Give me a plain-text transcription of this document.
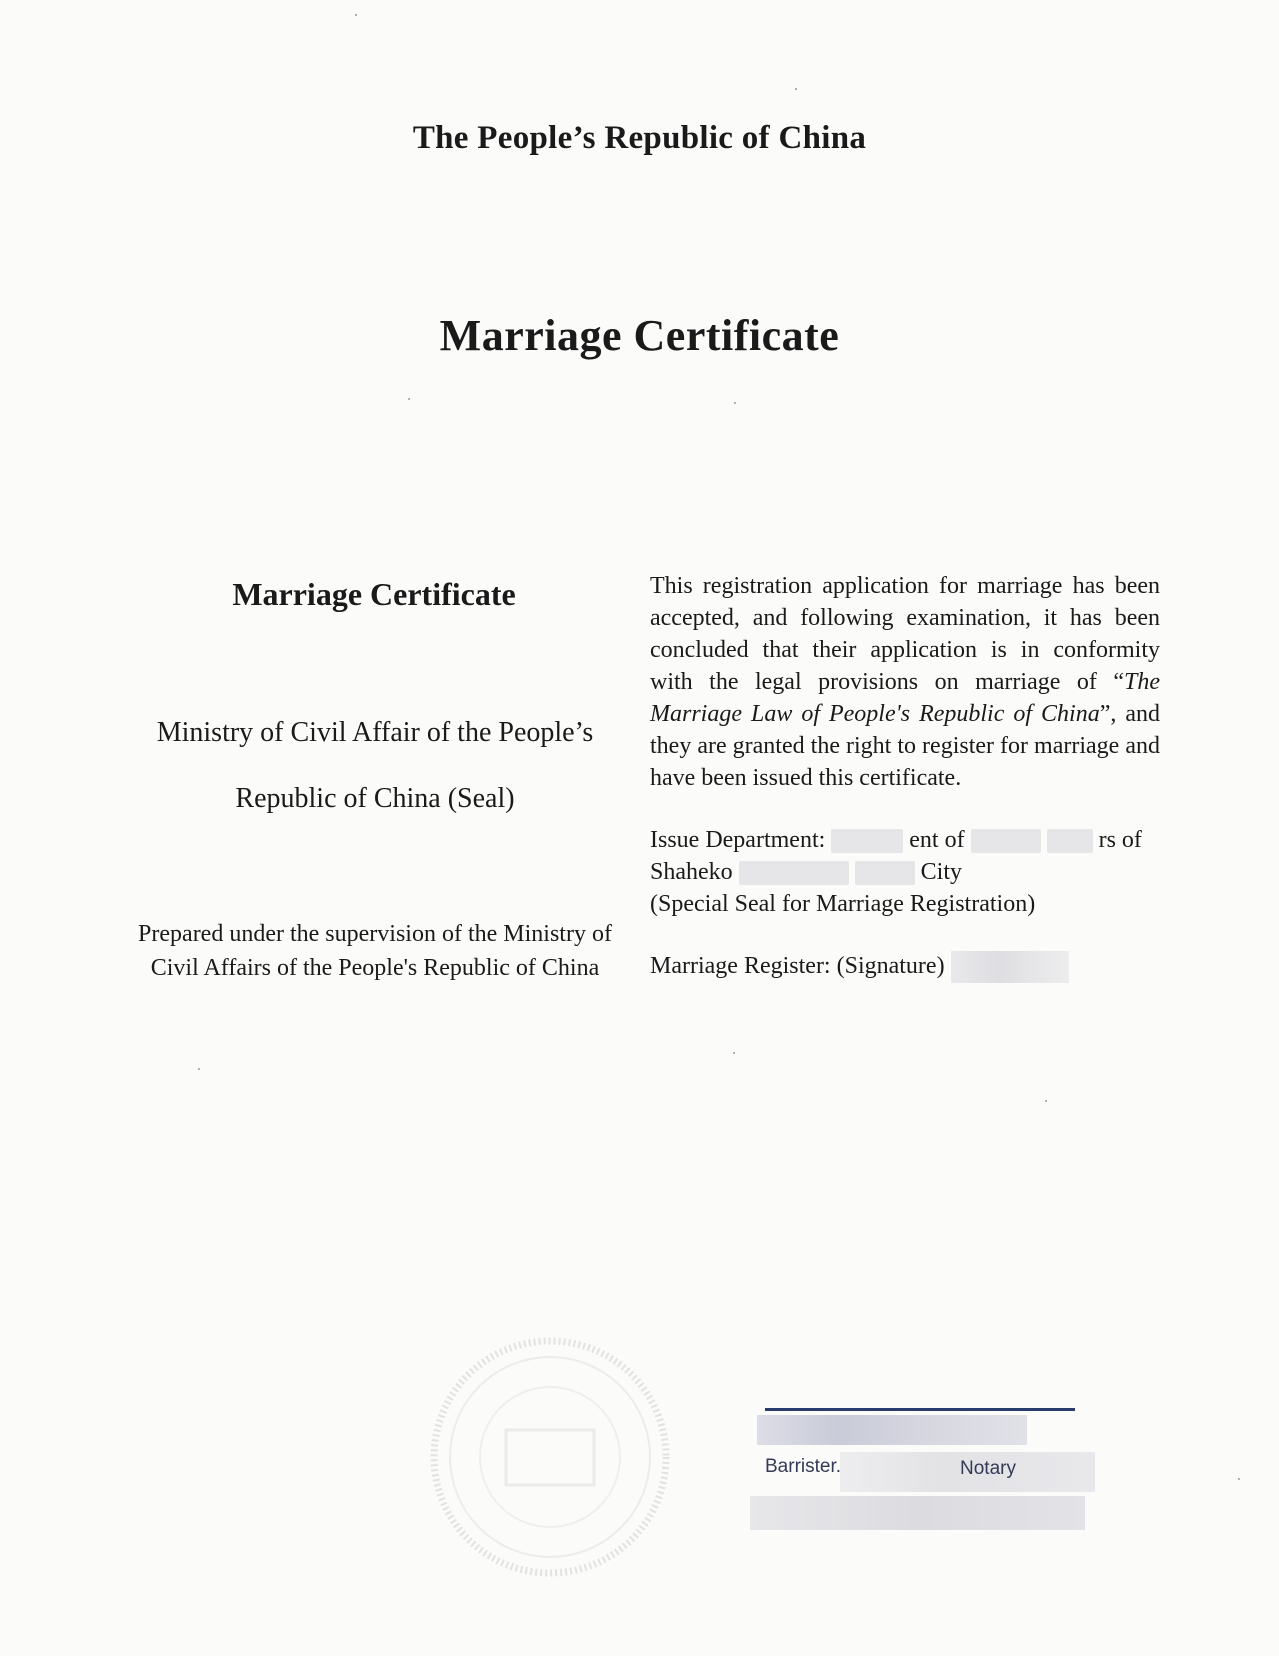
The People’s Republic of China
Marriage Certificate
Marriage Certificate
Ministry of Civil Affair of the People’s
Republic of China (Seal)
Prepared under the supervision of the Ministry of
Civil Affairs of the People's Republic of China

This registration application for marriage has been accepted, and following examination, it has been concluded that their application is in conformity with the legal provisions on marriage of “The Marriage Law of People's Republic of China”, and they are granted the right to register for marriage and have been issued this certificate.

Issue Department:	ent of	rs of
Shaheko	City
(Special Seal for Marriage Registration)
Marriage Register: (Signature)
Barrister.	Notary
